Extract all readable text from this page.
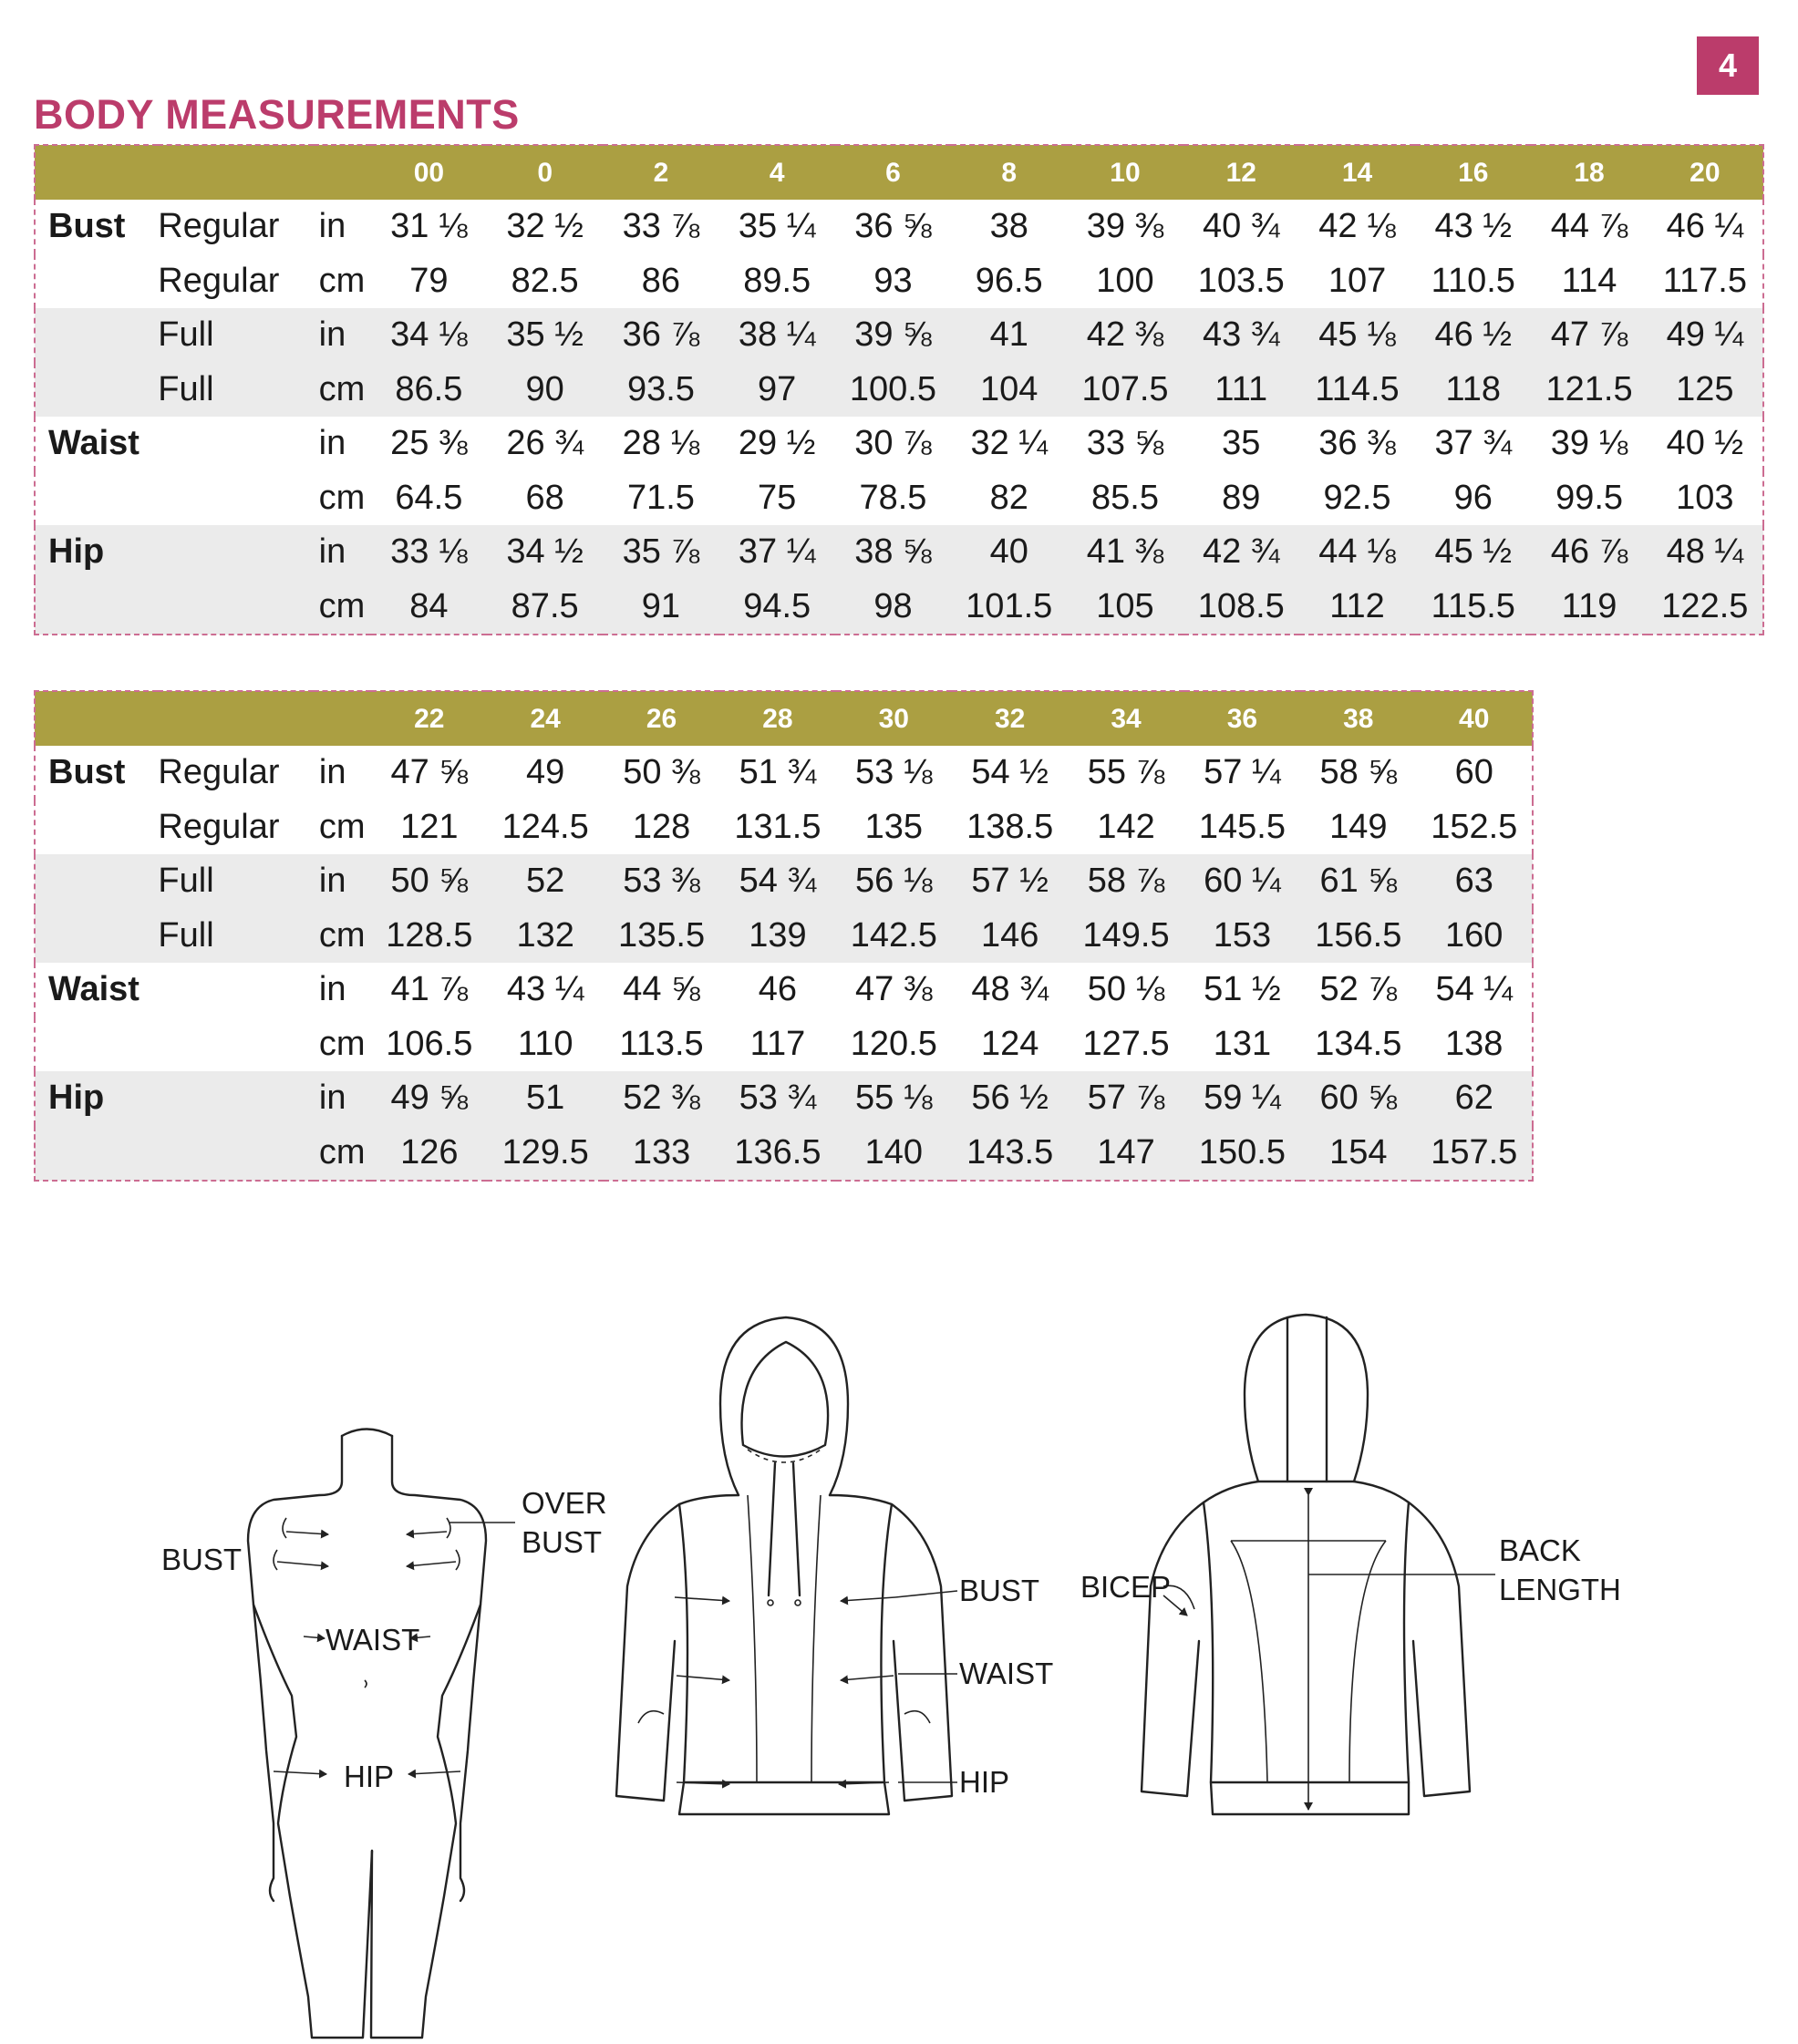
4
BODY MEASUREMENTS
			00	0	2	4	6	8	10	12	14	16	18	20
Bust	Regular	in	31 ⅛	32 ½	33 ⅞	35 ¼	36 ⅝	38	39 ⅜	40 ¾	42 ⅛	43 ½	44 ⅞	46 ¼
	Regular	cm	79	82.5	86	89.5	93	96.5	100	103.5	107	110.5	114	117.5
	Full	in	34 ⅛	35 ½	36 ⅞	38 ¼	39 ⅝	41	42 ⅜	43 ¾	45 ⅛	46 ½	47 ⅞	49 ¼
	Full	cm	86.5	90	93.5	97	100.5	104	107.5	111	114.5	118	121.5	125
Waist		in	25 ⅜	26 ¾	28 ⅛	29 ½	30 ⅞	32 ¼	33 ⅝	35	36 ⅜	37 ¾	39 ⅛	40 ½
		cm	64.5	68	71.5	75	78.5	82	85.5	89	92.5	96	99.5	103
Hip		in	33 ⅛	34 ½	35 ⅞	37 ¼	38 ⅝	40	41 ⅜	42 ¾	44 ⅛	45 ½	46 ⅞	48 ¼
		cm	84	87.5	91	94.5	98	101.5	105	108.5	112	115.5	119	122.5
			22	24	26	28	30	32	34	36	38	40
Bust	Regular	in	47 ⅝	49	50 ⅜	51 ¾	53 ⅛	54 ½	55 ⅞	57 ¼	58 ⅝	60
	Regular	cm	121	124.5	128	131.5	135	138.5	142	145.5	149	152.5
	Full	in	50 ⅝	52	53 ⅜	54 ¾	56 ⅛	57 ½	58 ⅞	60 ¼	61 ⅝	63
	Full	cm	128.5	132	135.5	139	142.5	146	149.5	153	156.5	160
Waist		in	41 ⅞	43 ¼	44 ⅝	46	47 ⅜	48 ¾	50 ⅛	51 ½	52 ⅞	54 ¼
		cm	106.5	110	113.5	117	120.5	124	127.5	131	134.5	138
Hip		in	49 ⅝	51	52 ⅜	53 ¾	55 ⅛	56 ½	57 ⅞	59 ¼	60 ⅝	62
		cm	126	129.5	133	136.5	140	143.5	147	150.5	154	157.5
BUST
OVER
BUST
WAIST
HIP
BUST
WAIST
HIP
BICEP
BACK
LENGTH
